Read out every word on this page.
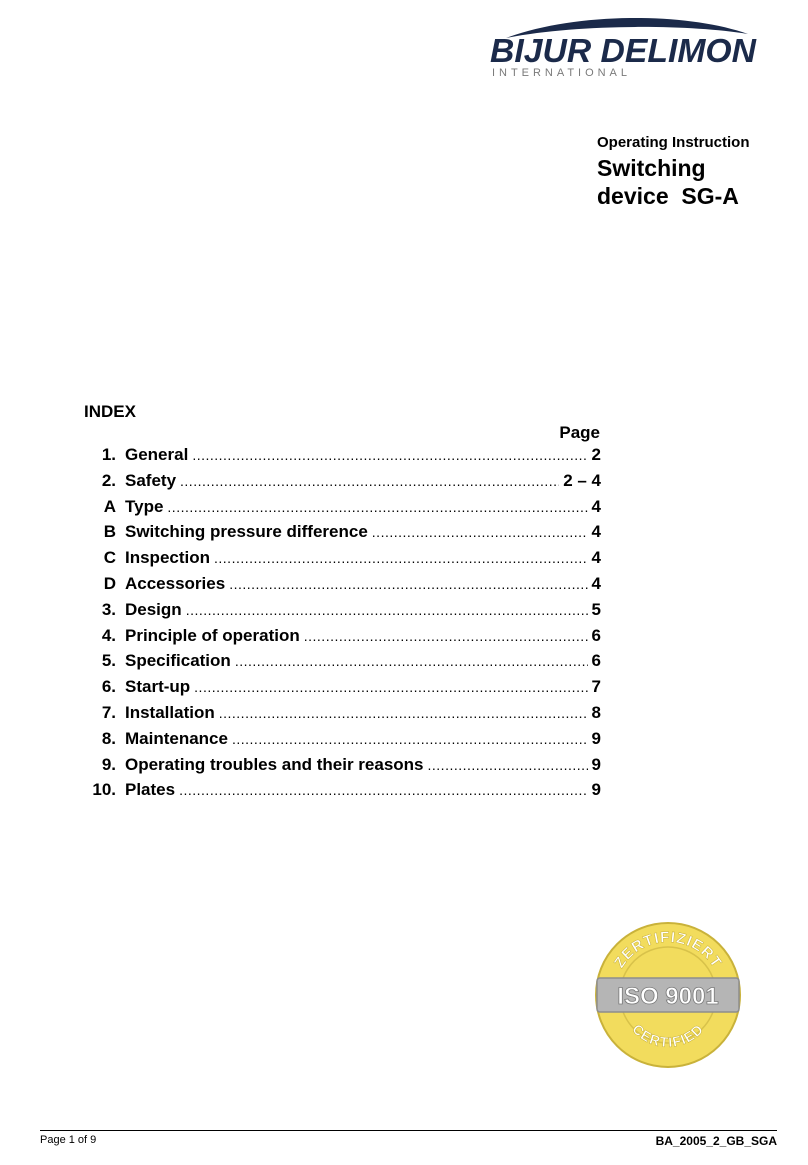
BIJUR DELIMON
INTERNATIONAL
Operating Instruction
Switching
device  SG-A
INDEX
Page
1. General .....	2
2. Safety .....	2 – 4
A Type .....	4
B Switching pressure difference .....	4
C Inspection .....	4
D Accessories .....	4
3. Design .....	5
4. Principle of operation .....	6
5. Specification .....	6
6. Start-up .....	7
7. Installation .....	8
8. Maintenance .....	9
9. Operating troubles and their reasons .....	9
10. Plates .....	9
ZERTIFIZIERT
CERTIFIED
ISO 9001
Page 1 of 9	BA_2005_2_GB_SGA
